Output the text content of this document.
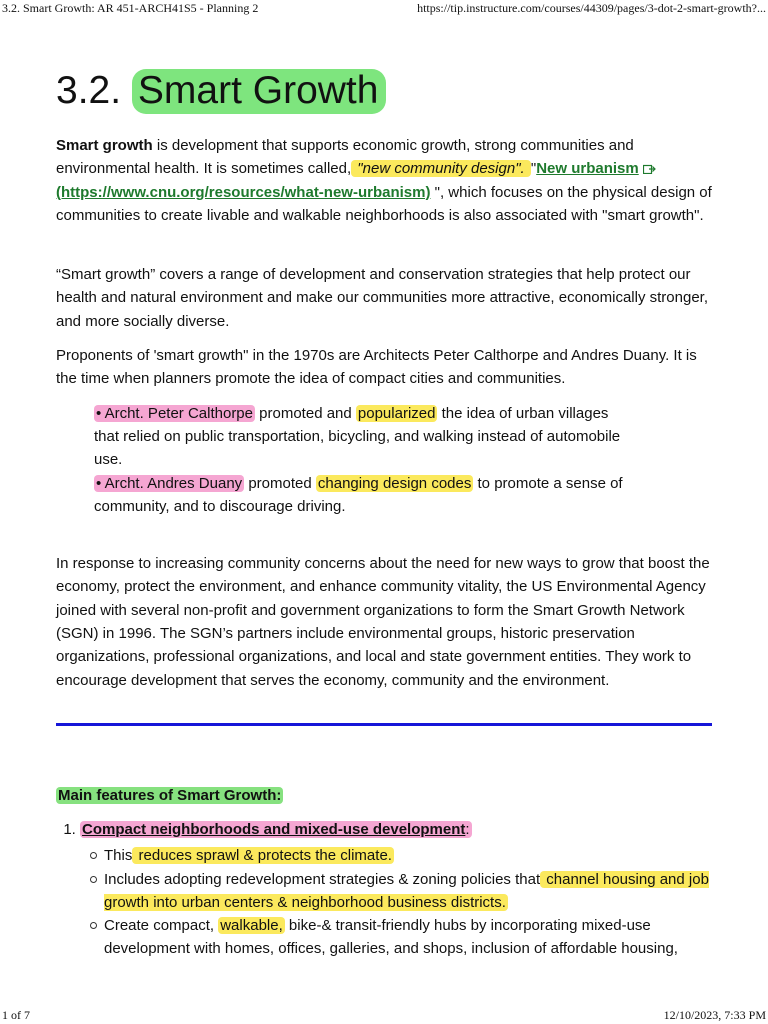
3.2. Smart Growth: AR 451-ARCH41S5 - Planning 2	https://tip.instructure.com/courses/44309/pages/3-dot-2-smart-growth?...
3.2. Smart Growth

Smart growth is development that supports economic growth, strong communities and environmental health. It is sometimes called, "new community design". "New urbanism (https://www.cnu.org/resources/what-new-urbanism) ", which focuses on the physical design of communities to create livable and walkable neighborhoods is also associated with "smart growth".

“Smart growth” covers a range of development and conservation strategies that help protect our health and natural environment and make our communities more attractive, economically stronger, and more socially diverse.

Proponents of 'smart growth" in the 1970s are Architects Peter Calthorpe and Andres Duany. It is the time when planners promote the idea of compact cities and communities.

• Archt. Peter Calthorpe promoted and popularized the idea of urban villages that relied on public transportation, bicycling, and walking instead of automobile use.
• Archt. Andres Duany promoted changing design codes to promote a sense of community, and to discourage driving.

In response to increasing community concerns about the need for new ways to grow that boost the economy, protect the environment, and enhance community vitality, the US Environmental Agency joined with several non-profit and government organizations to form the Smart Growth Network (SGN) in 1996. The SGN’s partners include environmental groups, historic preservation organizations, professional organizations, and local and state government entities. They work to encourage development that serves the economy, community and the environment.

Main features of Smart Growth:
1. Compact neighborhoods and mixed-use development:
This reduces sprawl & protects the climate.
Includes adopting redevelopment strategies & zoning policies that channel housing and job growth into urban centers & neighborhood business districts.
Create compact, walkable, bike-& transit-friendly hubs by incorporating mixed-use development with homes, offices, galleries, and shops, inclusion of affordable housing,
1 of 7	12/10/2023, 7:33 PM
